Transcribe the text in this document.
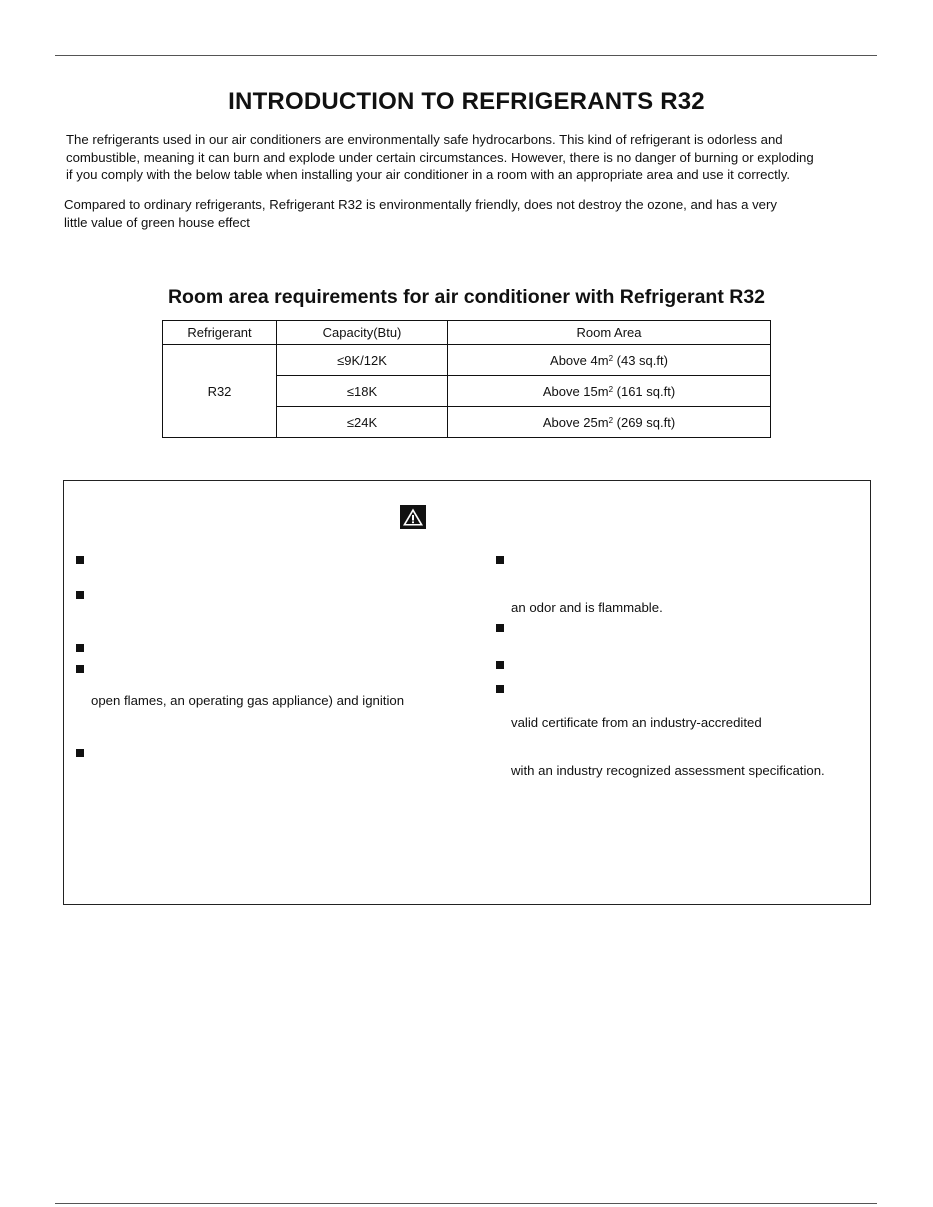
INTRODUCTION TO REFRIGERANTS R32
The refrigerants used in our air conditioners are environmentally safe hydrocarbons. This kind of refrigerant is odorless and
combustible, meaning it can burn and explode under certain circumstances. However, there is no danger of burning or exploding
if you comply with the below table when installing your air conditioner in a room with an appropriate area and use it correctly.
Compared to ordinary refrigerants, Refrigerant R32 is environmentally friendly, does not destroy the ozone, and has a very
little value of green house effect
Room area requirements for air conditioner with Refrigerant R32
Refrigerant	Capacity(Btu)	Room Area
R32	≤9K/12K	Above $4m^2$ (43 sq.ft)
	≤18K	Above $15m^2$ (161 sq.ft)
	≤24K	Above $25m^2$ (269 sq.ft)
open flames, an operating gas appliance) and ignition
an odor and is flammable.
valid certificate from an industry-accredited
with an industry recognized assessment specification.
